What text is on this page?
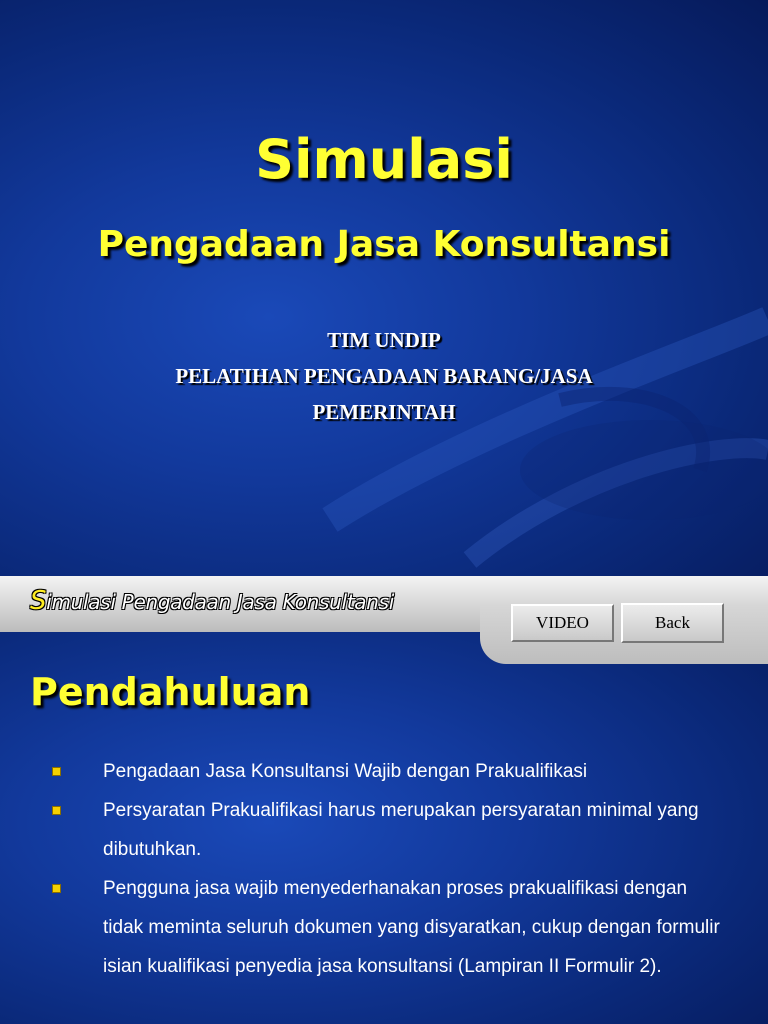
Simulasi
Pengadaan Jasa Konsultansi
TIM UNDIP
PELATIHAN PENGADAAN BARANG/JASA
PEMERINTAH
Simulasi Pengadaan Jasa Konsultansi
VIDEO	Back
Pendahuluan
Pengadaan Jasa Konsultansi Wajib dengan Prakualifikasi
Persyaratan Prakualifikasi harus merupakan persyaratan minimal yang dibutuhkan.
Pengguna jasa wajib menyederhanakan proses prakualifikasi dengan tidak meminta seluruh dokumen yang disyaratkan, cukup dengan formulir isian kualifikasi penyedia jasa konsultansi (Lampiran II Formulir 2).
